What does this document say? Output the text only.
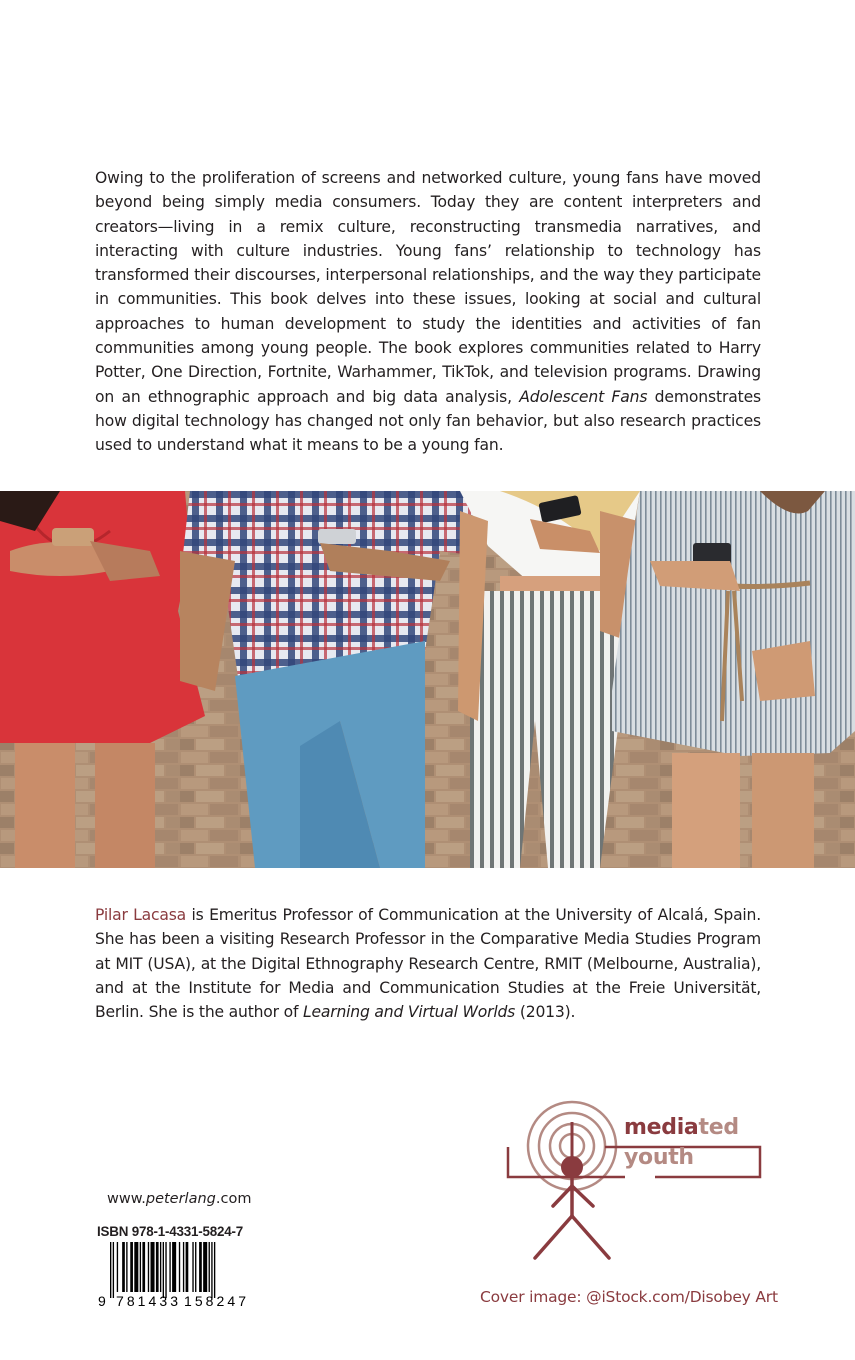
Owing to the proliferation of screens and networked culture, young fans have moved beyond being simply media consumers. Today they are content interpreters and creators—living in a remix culture, reconstructing transmedia narratives, and interacting with culture industries. Young fans’ relationship to technology has transformed their discourses, interpersonal relationships, and the way they participate in communities. This book delves into these issues, looking at social and cultural approaches to human development to study the identities and activities of fan communities among young people. The book explores communities related to Harry Potter, One Direction, Fortnite, Warhammer, TikTok, and television programs. Drawing on an ethnographic approach and big data analysis, Adolescent Fans demonstrates how digital technology has changed not only fan behavior, but also research practices used to understand what it means to be a young fan.

Pilar Lacasa is Emeritus Professor of Communication at the University of Alcalá, Spain. She has been a visiting Research Professor in the Comparative Media Studies Program at MIT (USA), at the Digital Ethnography Research Centre, RMIT (Melbourne, Australia), and at the Institute for Media and Communication Studies at the Freie Universität, Berlin. She is the author of Learning and Virtual Worlds (2013).

mediated
youth
www.peterlang.com
ISBN 978-1-4331-5824-7
9 781433 158247	Cover image: @iStock.com/Disobey Art
